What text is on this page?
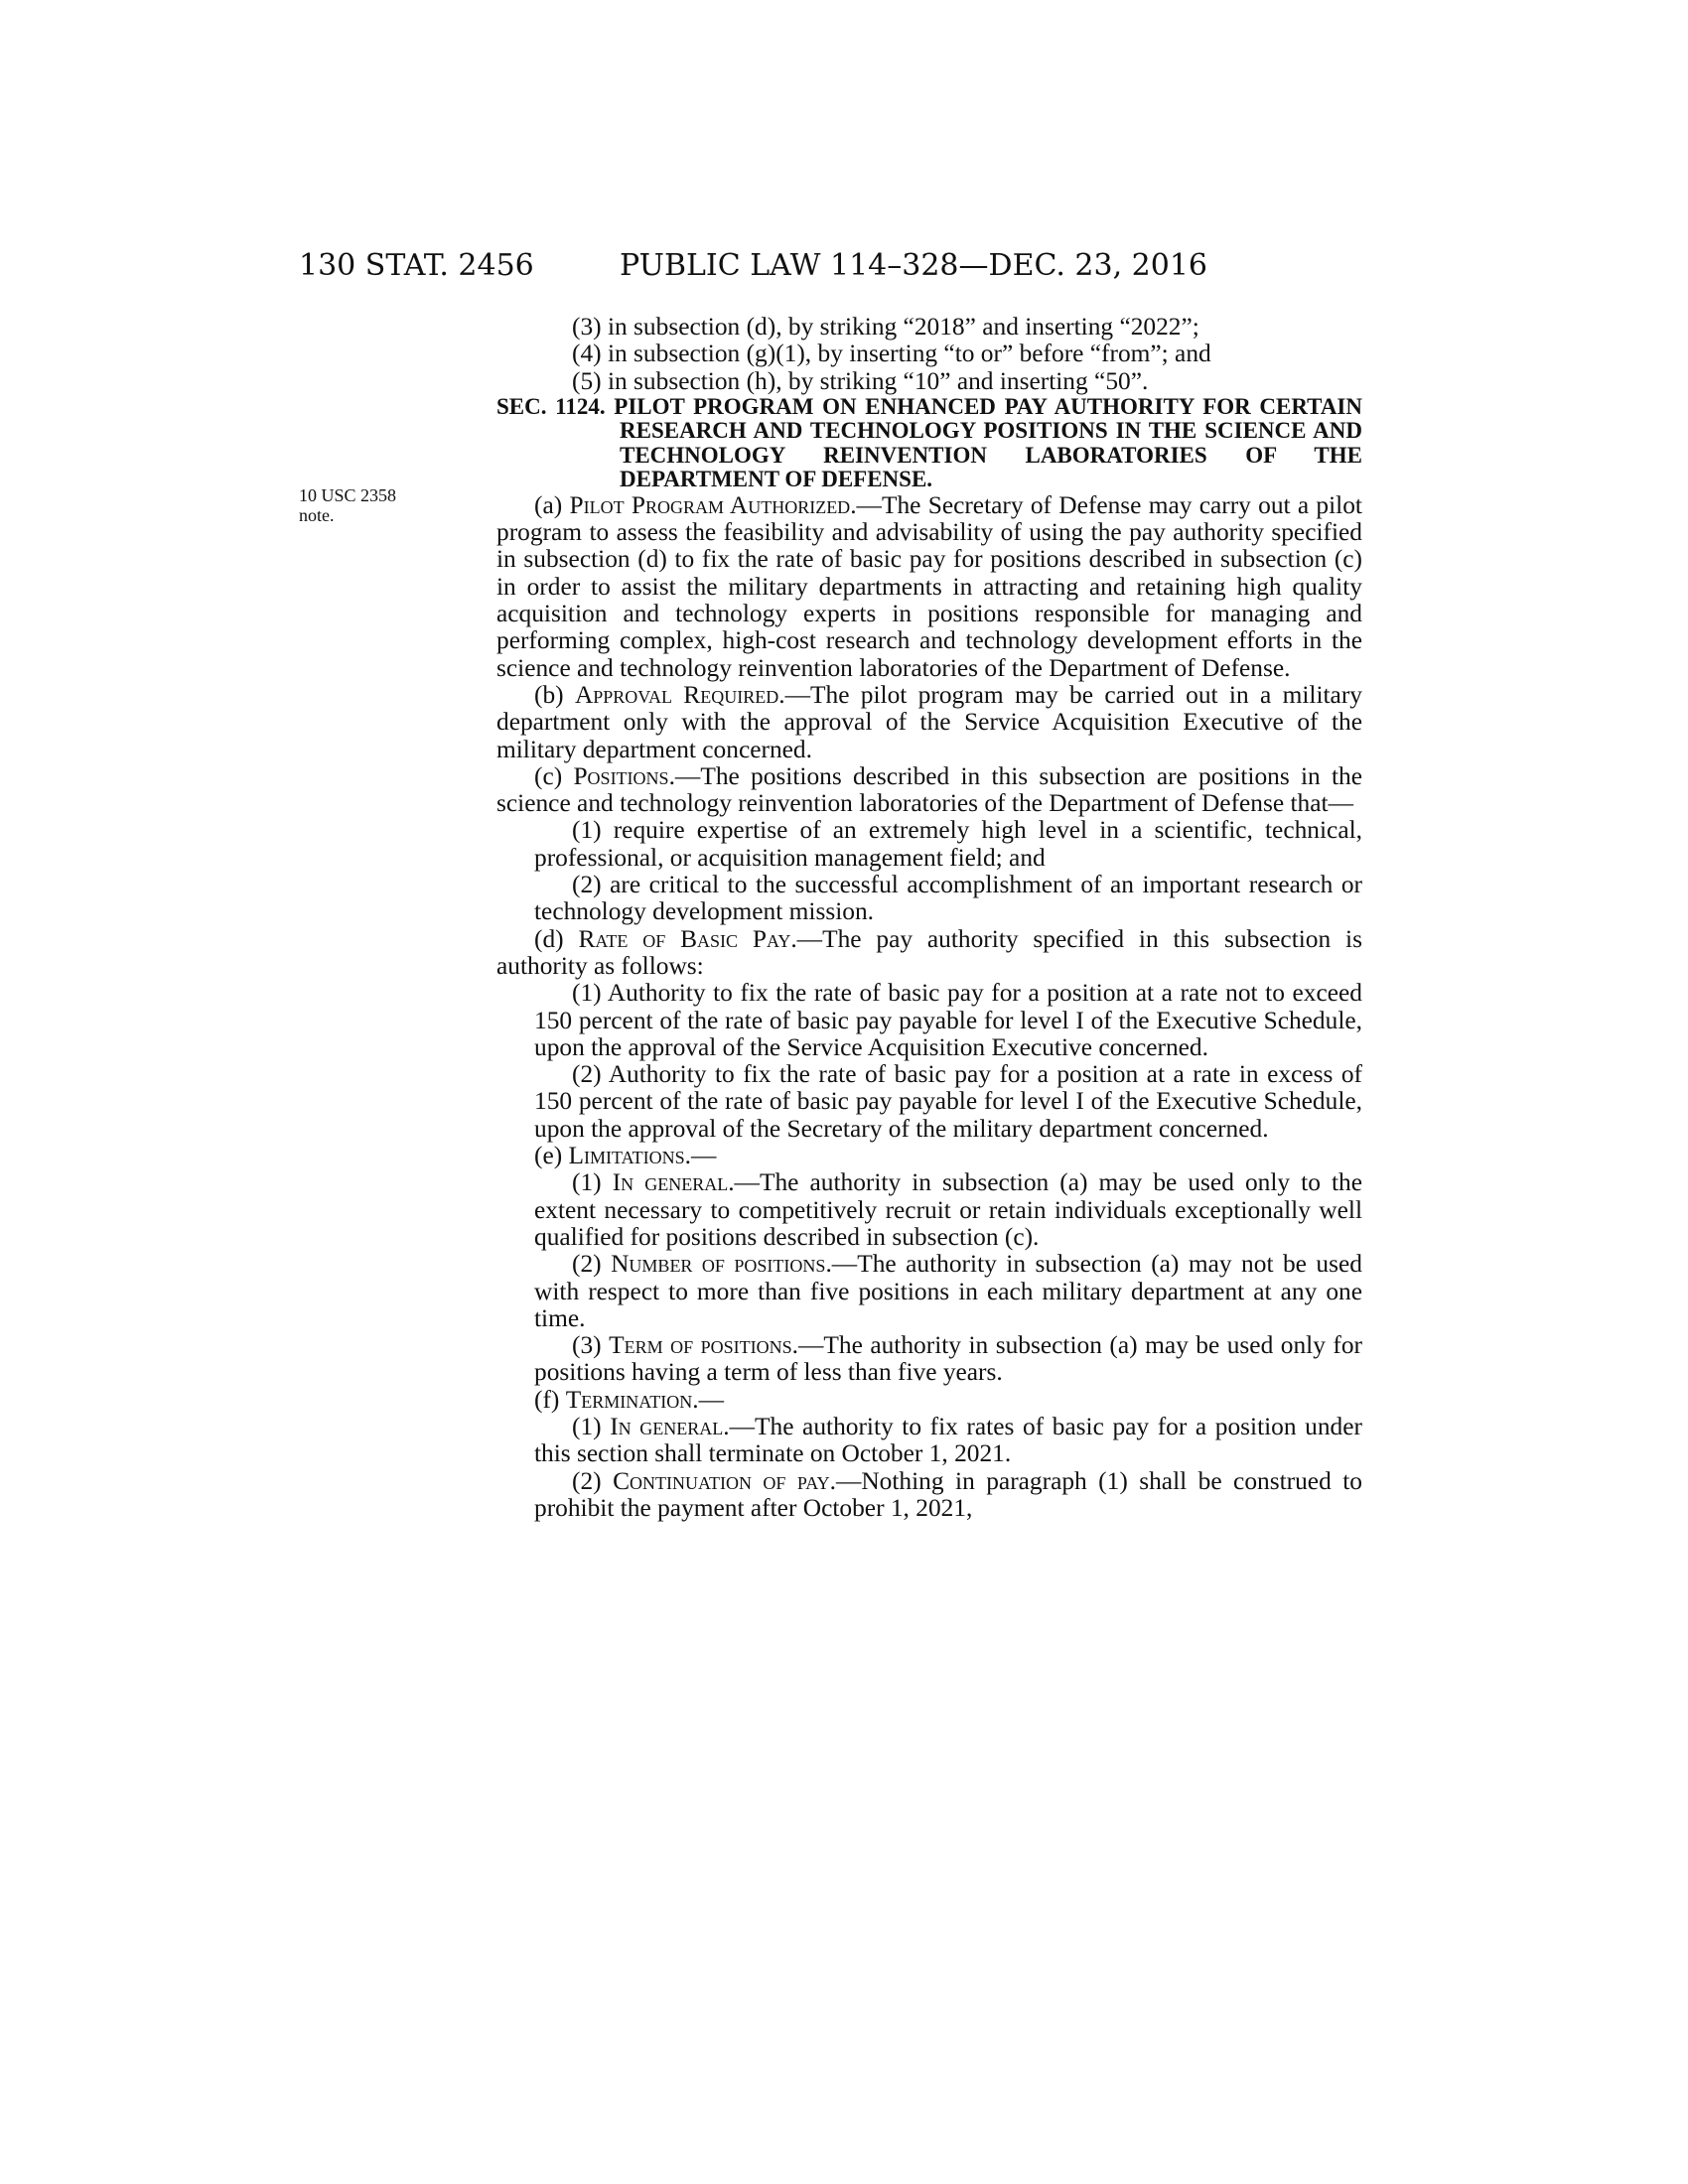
130 STAT. 2456	PUBLIC LAW 114–328—DEC. 23, 2016
10 USC 2358
note.

(3) in subsection (d), by striking “2018” and inserting “2022”;

(4) in subsection (g)(1), by inserting “to or” before “from”; and

(5) in subsection (h), by striking “10” and inserting “50”.

SEC. 1124. PILOT PROGRAM ON ENHANCED PAY AUTHORITY FOR CERTAIN RESEARCH AND TECHNOLOGY POSITIONS IN THE SCIENCE AND TECHNOLOGY REINVENTION LABORATORIES OF THE DEPARTMENT OF DEFENSE.

(a) Pilot Program Authorized.—The Secretary of Defense may carry out a pilot program to assess the feasibility and advisability of using the pay authority specified in subsection (d) to fix the rate of basic pay for positions described in subsection (c) in order to assist the military departments in attracting and retaining high quality acquisition and technology experts in positions responsible for managing and performing complex, high-cost research and technology development efforts in the science and technology reinvention laboratories of the Department of Defense.

(b) Approval Required.—The pilot program may be carried out in a military department only with the approval of the Service Acquisition Executive of the military department concerned.

(c) Positions.—The positions described in this subsection are positions in the science and technology reinvention laboratories of the Department of Defense that—

(1) require expertise of an extremely high level in a scientific, technical, professional, or acquisition management field; and

(2) are critical to the successful accomplishment of an important research or technology development mission.

(d) Rate of Basic Pay.—The pay authority specified in this subsection is authority as follows:

(1) Authority to fix the rate of basic pay for a position at a rate not to exceed 150 percent of the rate of basic pay payable for level I of the Executive Schedule, upon the approval of the Service Acquisition Executive concerned.

(2) Authority to fix the rate of basic pay for a position at a rate in excess of 150 percent of the rate of basic pay payable for level I of the Executive Schedule, upon the approval of the Secretary of the military department concerned.

(e) Limitations.—

(1) In general.—The authority in subsection (a) may be used only to the extent necessary to competitively recruit or retain individuals exceptionally well qualified for positions described in subsection (c).

(2) Number of positions.—The authority in subsection (a) may not be used with respect to more than five positions in each military department at any one time.

(3) Term of positions.—The authority in subsection (a) may be used only for positions having a term of less than five years.

(f) Termination.—

(1) In general.—The authority to fix rates of basic pay for a position under this section shall terminate on October 1, 2021.

(2) Continuation of pay.—Nothing in paragraph (1) shall be construed to prohibit the payment after October 1, 2021,
